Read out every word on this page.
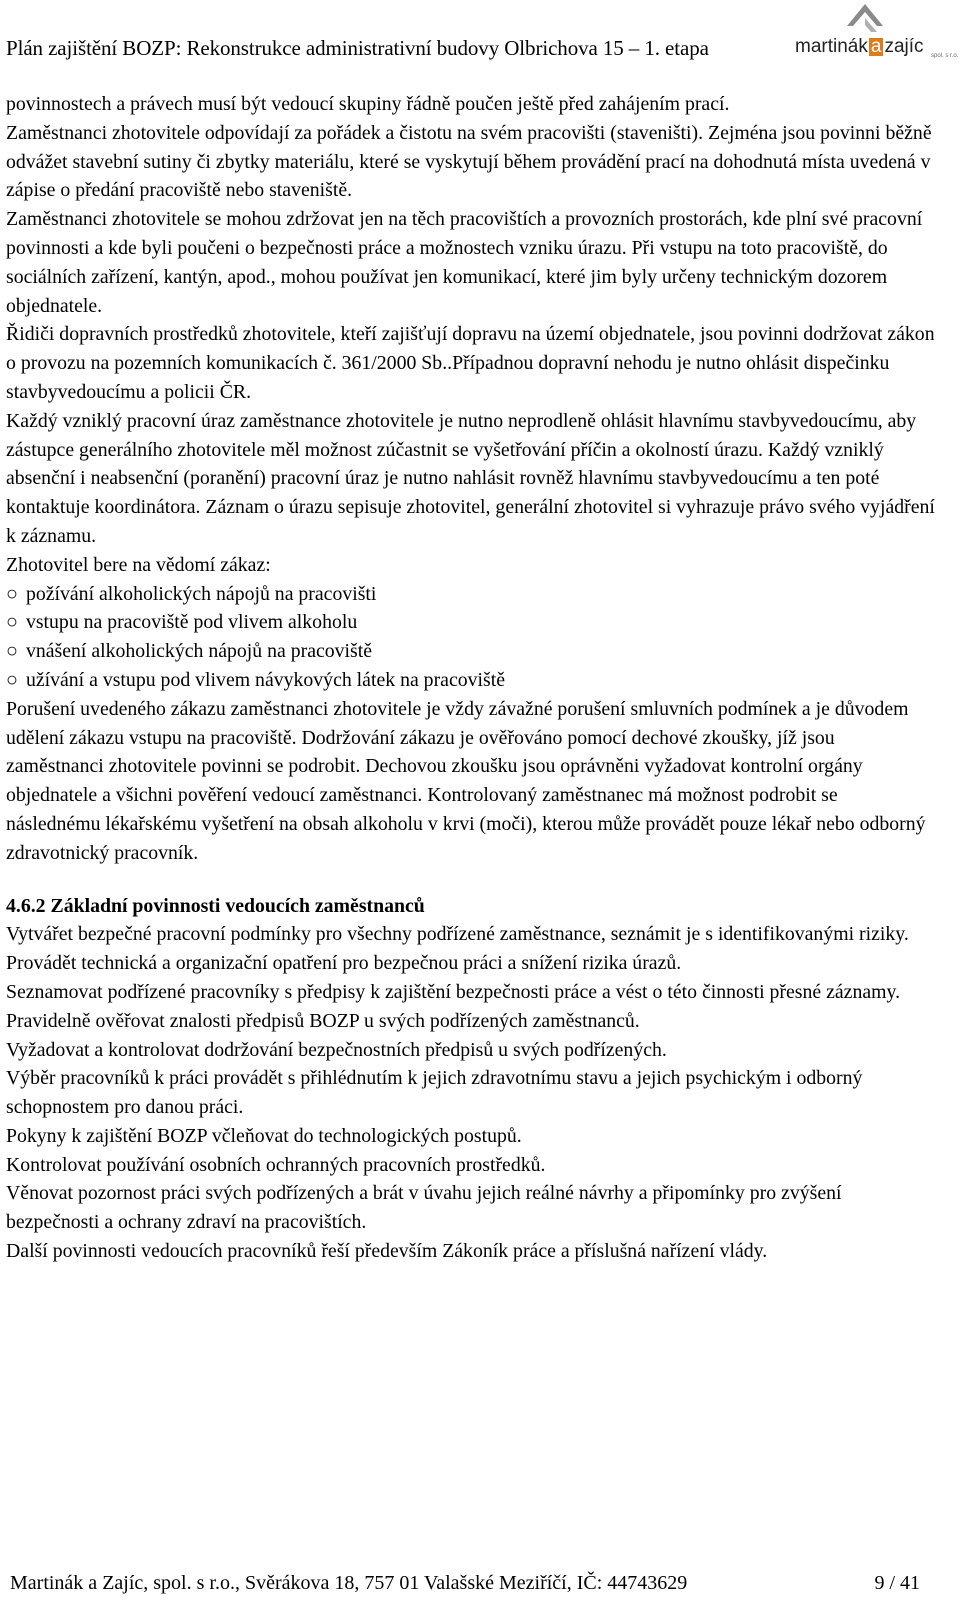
Plán zajištění BOZP: Rekonstrukce administrativní budovy Olbrichova 15 – 1. etapa	martinák a zajíc spol. s r.o.

povinnostech a právech musí být vedoucí skupiny řádně poučen ještě před zahájením prací.

Zaměstnanci zhotovitele odpovídají za pořádek a čistotu na svém pracovišti (staveništi). Zejména jsou povinni běžně odvážet stavební sutiny či zbytky materiálu, které se vyskytují během provádění prací na dohodnutá místa uvedená v zápise o předání pracoviště nebo staveniště.

Zaměstnanci zhotovitele se mohou zdržovat jen na těch pracovištích a provozních prostorách, kde plní své pracovní povinnosti a kde byli poučeni o bezpečnosti práce a možnostech vzniku úrazu. Při vstupu na toto pracoviště, do sociálních zařízení, kantýn, apod., mohou používat jen komunikací, které jim byly určeny technickým dozorem objednatele.

Řidiči dopravních prostředků zhotovitele, kteří zajišťují dopravu na území objednatele, jsou povinni dodržovat zákon o provozu na pozemních komunikacích č. 361/2000 Sb..Případnou dopravní nehodu je nutno ohlásit dispečinku stavbyvedoucímu a policii ČR.

Každý vzniklý pracovní úraz zaměstnance zhotovitele je nutno neprodleně ohlásit hlavnímu stavbyvedoucímu, aby zástupce generálního zhotovitele měl možnost zúčastnit se vyšetřování příčin a okolností úrazu. Každý vzniklý absenční i neabsenční (poranění) pracovní úraz je nutno nahlásit rovněž hlavnímu stavbyvedoucímu a ten poté kontaktuje koordinátora. Záznam o úrazu sepisuje zhotovitel, generální zhotovitel si vyhrazuje právo svého vyjádření k záznamu.

Zhotovitel bere na vědomí zákaz:

○ požívání alkoholických nápojů na pracovišti
○ vstupu na pracoviště pod vlivem alkoholu
○ vnášení alkoholických nápojů na pracoviště
○ užívání a vstupu pod vlivem návykových látek na pracoviště

Porušení uvedeného zákazu zaměstnanci zhotovitele je vždy závažné porušení smluvních podmínek a je důvodem udělení zákazu vstupu na pracoviště. Dodržování zákazu je ověřováno pomocí dechové zkoušky, jíž jsou zaměstnanci zhotovitele povinni se podrobit. Dechovou zkoušku jsou oprávněni vyžadovat kontrolní orgány objednatele a všichni pověření vedoucí zaměstnanci. Kontrolovaný zaměstnanec má možnost podrobit se následnému lékařskému vyšetření na obsah alkoholu v krvi (moči), kterou může provádět pouze lékař nebo odborný zdravotnický pracovník.

4.6.2 Základní povinnosti vedoucích zaměstnanců

Vytvářet bezpečné pracovní podmínky pro všechny podřízené zaměstnance, seznámit je s identifikovanými riziky.

Provádět technická a organizační opatření pro bezpečnou práci a snížení rizika úrazů.

Seznamovat podřízené pracovníky s předpisy k zajištění bezpečnosti práce a vést o této činnosti přesné záznamy.

Pravidelně ověřovat znalosti předpisů BOZP u svých podřízených zaměstnanců.

Vyžadovat a kontrolovat dodržování bezpečnostních předpisů u svých podřízených.

Výběr pracovníků k práci provádět s přihlédnutím k jejich zdravotnímu stavu a jejich psychickým i odborný schopnostem pro danou práci.

Pokyny k zajištění BOZP včleňovat do technologických postupů.

Kontrolovat používání osobních ochranných pracovních prostředků.

Věnovat pozornost práci svých podřízených a brát v úvahu jejich reálné návrhy a připomínky pro zvýšení bezpečnosti a ochrany zdraví na pracovištích.

Další povinnosti vedoucích pracovníků řeší především Zákoník práce a příslušná nařízení vlády.

Martinák a Zajíc, spol. s r.o., Svěrákova 18, 757 01 Valašské Meziříčí, IČ: 44743629	9 / 41
